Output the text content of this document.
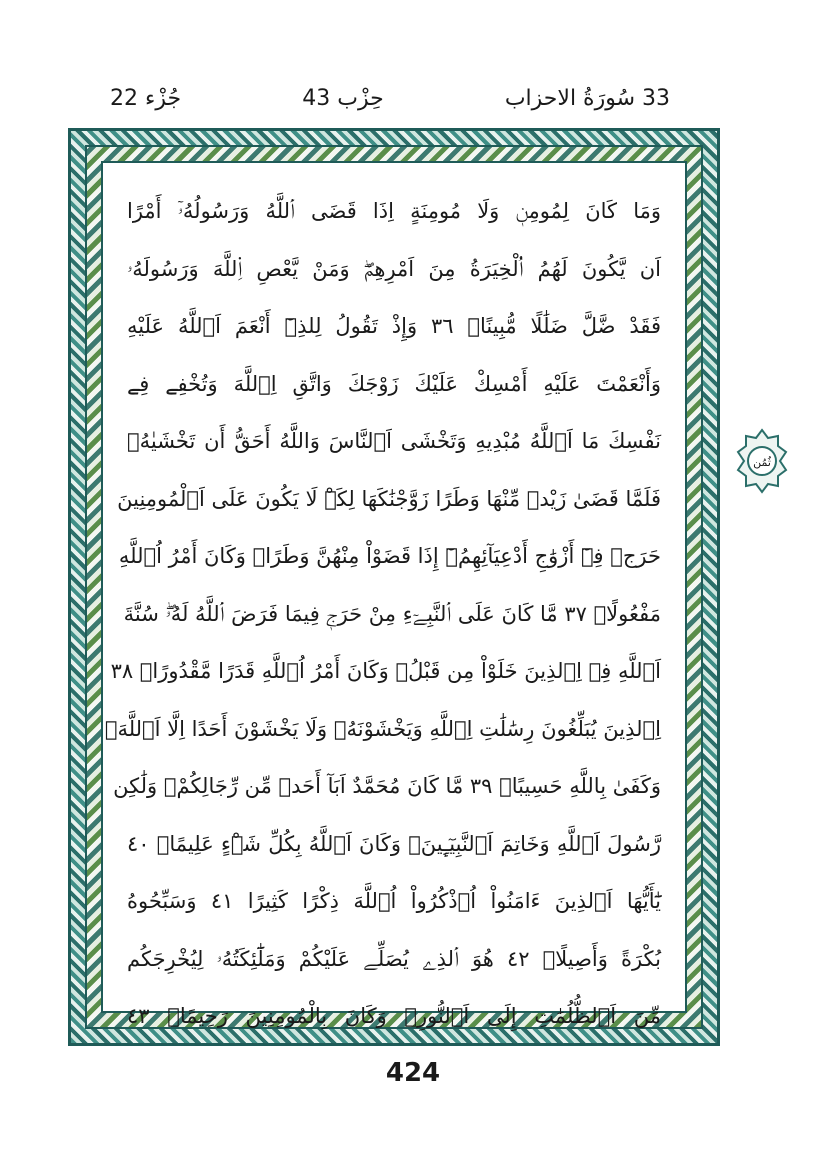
33 سُورَةُ الاحزاب
حِزْب 43
جُزْء 22
وَمَا كَانَ لِمُومِنٖ وَلَا مُومِنَةٍ اِذَا قَضَى اَ۬للَّهُ وَرَسُولُهُۥٓ أَمْرًا
اَن يَّكُونَ لَهُمُ اُ۬لْخِيَرَةُ مِنَ اَمْرِهِمْۖ وَمَنْ يَّعْصِ اِ۬للَّهَ وَرَسُولَهُۥ
فَقَدْ ضَّلَّ ضَلَٰلًا مُّبِينًاۖ ٣٦ وَإِذْ تَقُولُ لِلذِےٓ أَنْعَمَ اَ۬للَّهُ عَلَيْهِ
وَأَنْعَمْتَ عَلَيْهِ أَمْسِكْ عَلَيْكَ زَوْجَكَ وَاتَّقِ اِ۬للَّهَ وَتُخْفِے فِے
نَفْسِكَ مَا اَ۬للَّهُ مُبْدِيهِ وَتَخْشَى اَ۬لنَّاسَ وَاللَّهُ أَحَقُّ أَن تَخْشَيٰهُۖ
فَلَمَّا قَضَىٰ زَيْدٞ مِّنْهَا وَطَرًا زَوَّجْنَٰكَهَا لِكَےْ لَا يَكُونَ عَلَى اَ۬لْمُومِنِينَ
حَرَجٞ فِےٓ أَزْوَٰجِ أَدْعِيَآئِهِمُۥٓ إِذَا قَضَوْاْ مِنْهُنَّ وَطَرًاۖ وَكَانَ أَمْرُ اُ۬للَّهِ
مَفْعُولًاۖ ٣٧ مَّا كَانَ عَلَى اَ۬لنَّبِےٓءِ مِنْ حَرَجٖ فِيمَا فَرَضَ اَ۬للَّهُ لَهُۥۖ سُنَّةَ
اَ۬للَّهِ فِے اِ۬لذِينَ خَلَوْاْ مِن قَبْلُۖ وَكَانَ أَمْرُ اُ۬للَّهِ قَدَرًا مَّقْدُورًاۖ ٣٨
اِ۬لذِينَ يُبَلِّغُونَ رِسَٰلَٰتِ اِ۬للَّهِ وَيَخْشَوْنَهُۥ وَلَا يَخْشَوْنَ أَحَدًا اِلَّا اَ۬للَّهَۖ
وَكَفَىٰ بِاللَّهِ حَسِيبًاۖ ٣٩ مَّا كَانَ مُحَمَّدٌ اَبَآ أَحَدٖ مِّن رِّجَالِكُمْۖ وَلَٰكِن
رَّسُولَ اَ۬للَّهِ وَخَاتِمَ اَ۬لنَّبِيٓـِٕينَۖ وَكَانَ اَ۬للَّهُ بِكُلِّ شَےْءٍ عَلِيمًاۖ ٤٠
يَٰٓأَيُّهَا اَ۬لذِينَ ءَامَنُواْ اُ۟ذْكُرُواْ اُ۬للَّهَ ذِكْرًا كَثِيرًا ٤١ وَسَبِّحُوهُ
بُكْرَةً وَأَصِيلًاۖ ٤٢ هُوَ اَ۬لذِے يُصَلِّے عَلَيْكُمْ وَمَلَٰٓئِكَتُهُۥ لِيُخْرِجَكُم
مِّنَ اَ۬لظُّلُمَٰتِ إِلَى اَ۬لنُّورِۖ وَكَانَ بِالْمُومِنِينَ رَحِيمًاۖ ٤٣
ثُمُن
424
